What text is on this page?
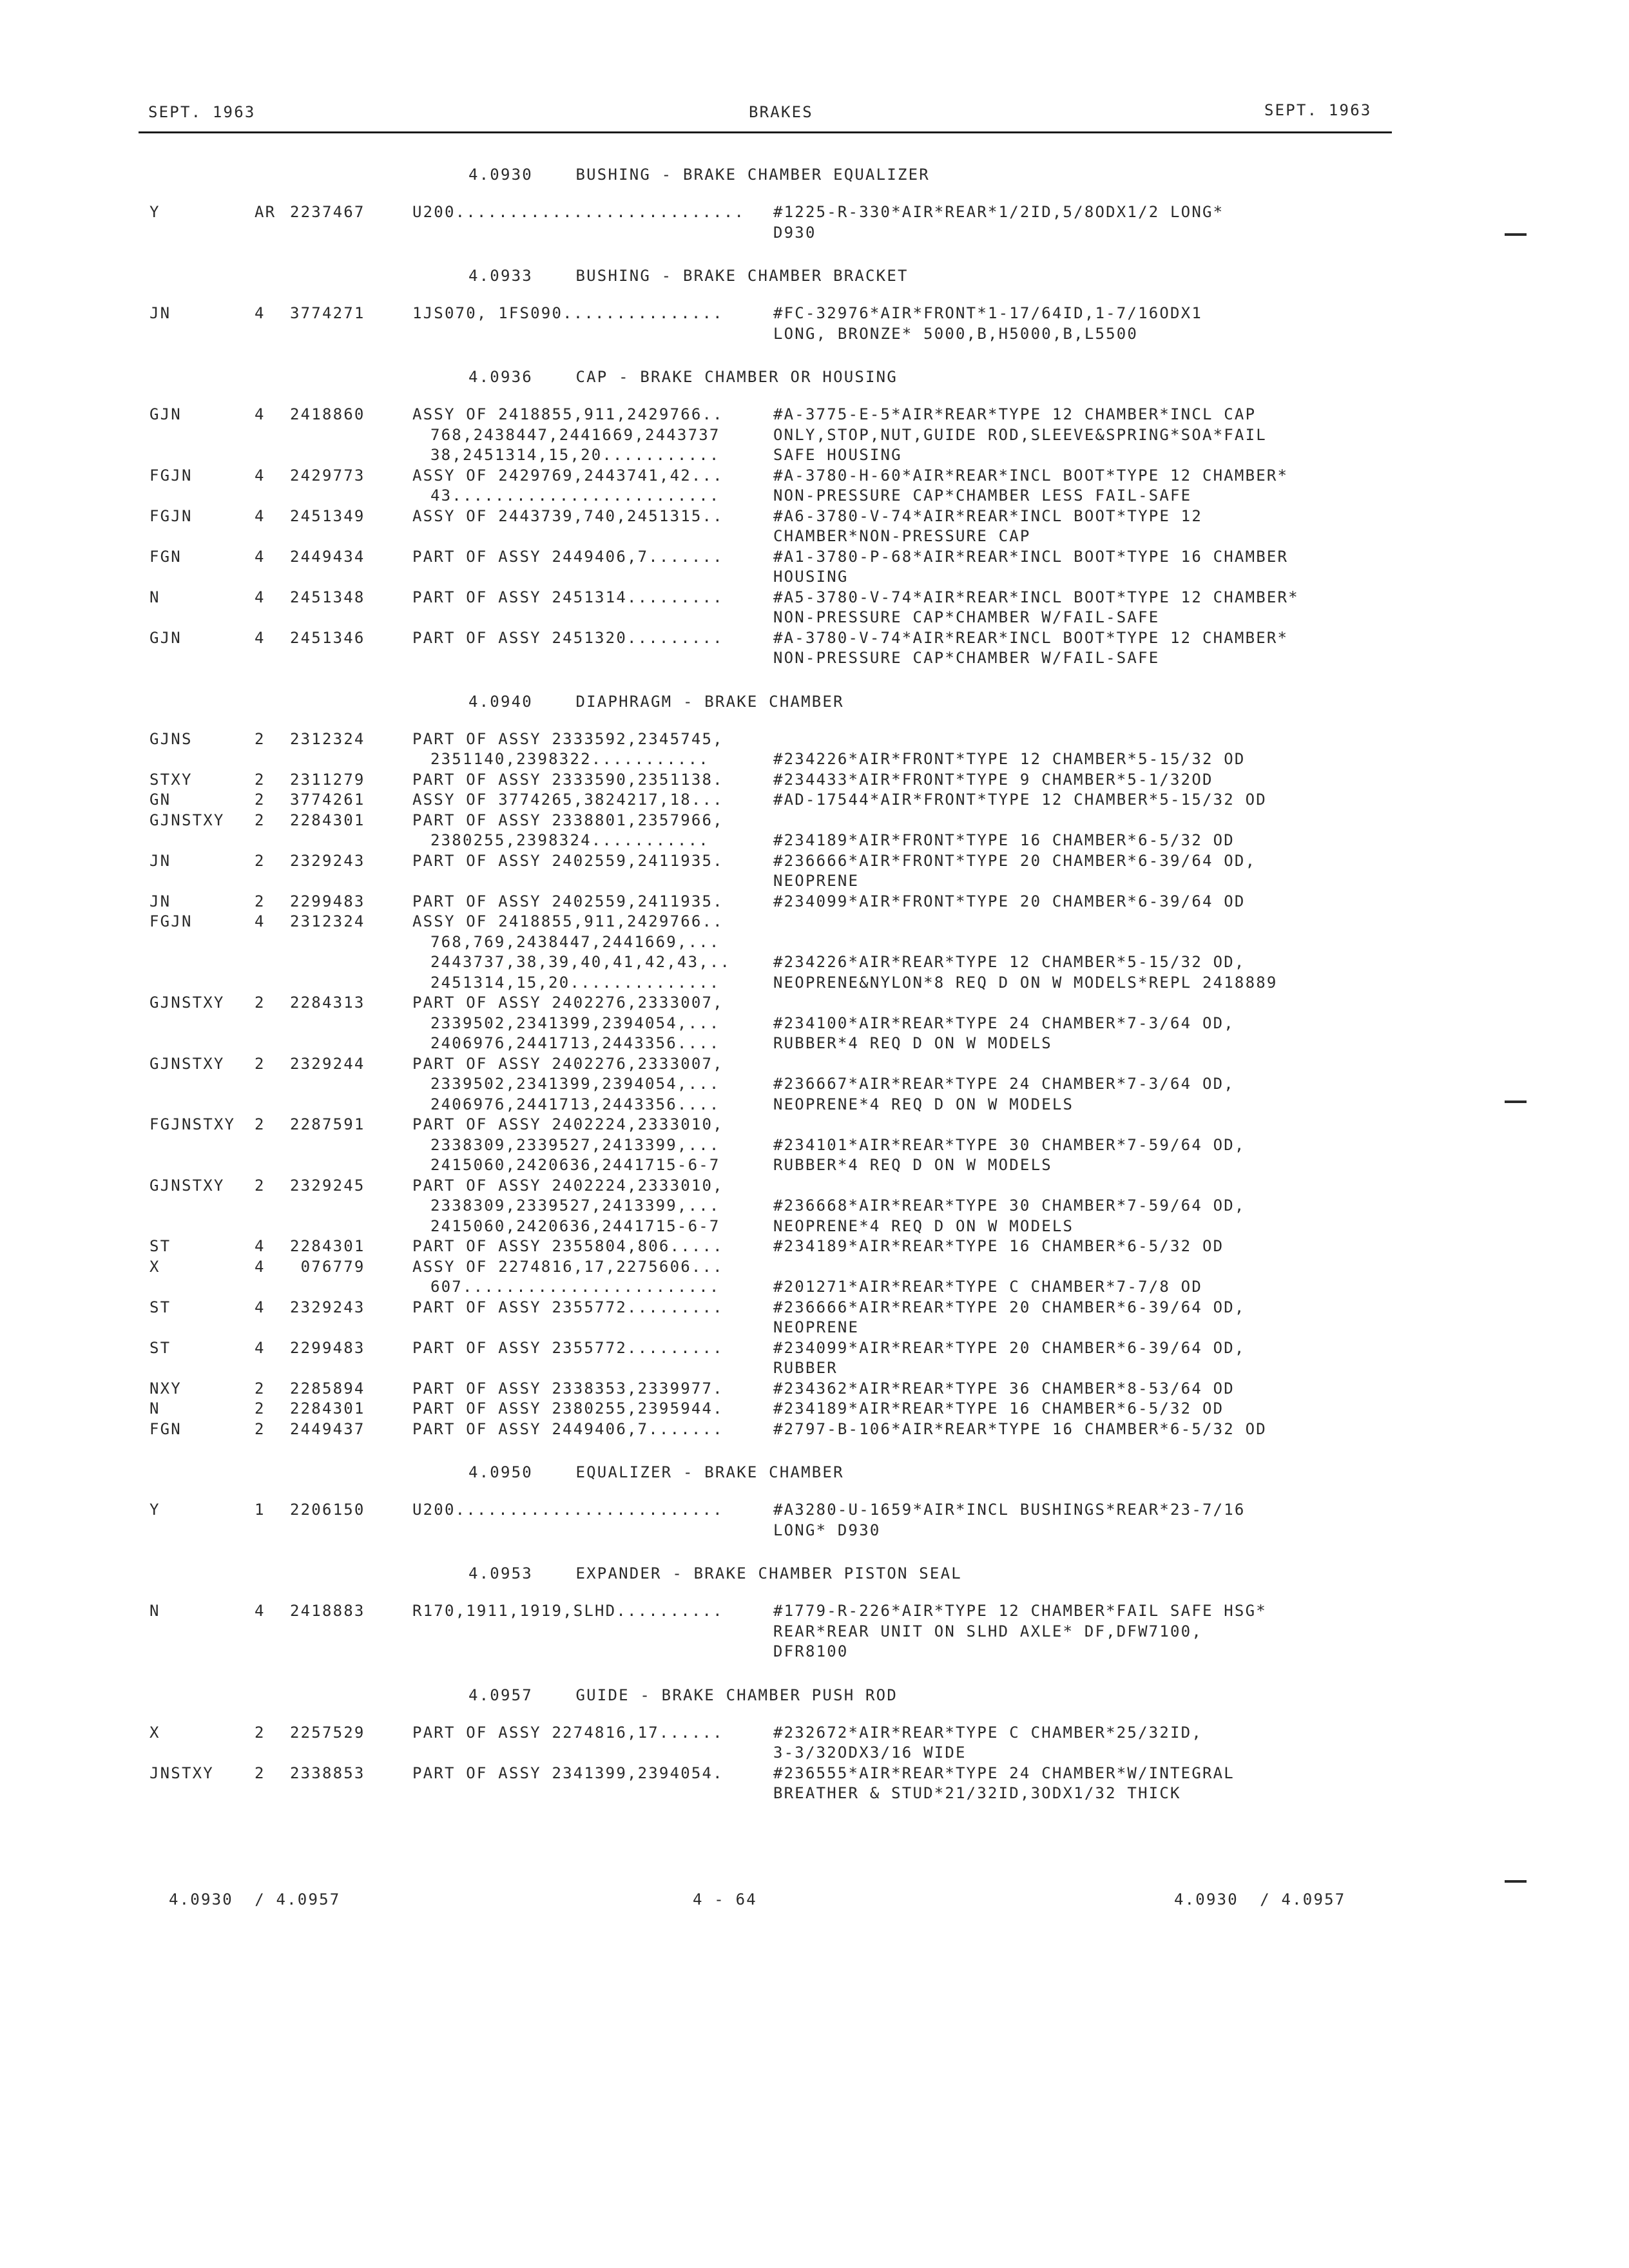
SEPT. 1963	BRAKES	SEPT. 1963
4.0930    BUSHING - BRAKE CHAMBER EQUALIZER
Y	AR 2237467	U200........................... #1225-R-330*AIR*REAR*1/2ID,5/8ODX1/2 LONG*
D930
4.0933    BUSHING - BRAKE CHAMBER BRACKET
JN	4 3774271	1JS070, 1FS090...............	#FC-32976*AIR*FRONT*1-17/64ID,1-7/16ODX1
LONG, BRONZE* 5000,B,H5000,B,L5500
4.0936    CAP - BRAKE CHAMBER OR HOUSING
GJN	4 2418860	ASSY OF 2418855,911,2429766..	#A-3775-E-5*AIR*REAR*TYPE 12 CHAMBER*INCL CAP
768,2438447,2441669,2443737	ONLY,STOP,NUT,GUIDE ROD,SLEEVE&SPRING*SOA*FAIL
38,2451314,15,20...........	SAFE HOUSING
FGJN	4 2429773	ASSY OF 2429769,2443741,42...	#A-3780-H-60*AIR*REAR*INCL BOOT*TYPE 12 CHAMBER*
43.........................	NON-PRESSURE CAP*CHAMBER LESS FAIL-SAFE
FGJN	4 2451349	ASSY OF 2443739,740,2451315..	#A6-3780-V-74*AIR*REAR*INCL BOOT*TYPE 12
CHAMBER*NON-PRESSURE CAP
FGN	4 2449434	PART OF ASSY 2449406,7.......	#A1-3780-P-68*AIR*REAR*INCL BOOT*TYPE 16 CHAMBER
HOUSING
N	4 2451348	PART OF ASSY 2451314.........	#A5-3780-V-74*AIR*REAR*INCL BOOT*TYPE 12 CHAMBER*
NON-PRESSURE CAP*CHAMBER W/FAIL-SAFE
GJN	4 2451346	PART OF ASSY 2451320.........	#A-3780-V-74*AIR*REAR*INCL BOOT*TYPE 12 CHAMBER*
NON-PRESSURE CAP*CHAMBER W/FAIL-SAFE
4.0940    DIAPHRAGM - BRAKE CHAMBER
GJNS	2 2312324	PART OF ASSY 2333592,2345745,
2351140,2398322...........	#234226*AIR*FRONT*TYPE 12 CHAMBER*5-15/32 OD
STXY	2 2311279	PART OF ASSY 2333590,2351138.	#234433*AIR*FRONT*TYPE 9 CHAMBER*5-1/32OD
GN	2 3774261	ASSY OF 3774265,3824217,18...	#AD-17544*AIR*FRONT*TYPE 12 CHAMBER*5-15/32 OD
GJNSTXY 2 2284301	PART OF ASSY 2338801,2357966,
2380255,2398324...........	#234189*AIR*FRONT*TYPE 16 CHAMBER*6-5/32 OD
JN	2 2329243	PART OF ASSY 2402559,2411935.	#236666*AIR*FRONT*TYPE 20 CHAMBER*6-39/64 OD,
NEOPRENE
JN	2 2299483	PART OF ASSY 2402559,2411935.	#234099*AIR*FRONT*TYPE 20 CHAMBER*6-39/64 OD
FGJN	4 2312324	ASSY OF 2418855,911,2429766..
768,769,2438447,2441669,...
2443737,38,39,40,41,42,43,..	#234226*AIR*REAR*TYPE 12 CHAMBER*5-15/32 OD,
2451314,15,20..............	NEOPRENE&NYLON*8 REQ D ON W MODELS*REPL 2418889
GJNSTXY 2 2284313	PART OF ASSY 2402276,2333007,
2339502,2341399,2394054,...	#234100*AIR*REAR*TYPE 24 CHAMBER*7-3/64 OD,
2406976,2441713,2443356....	RUBBER*4 REQ D ON W MODELS
GJNSTXY 2 2329244	PART OF ASSY 2402276,2333007,
2339502,2341399,2394054,...	#236667*AIR*REAR*TYPE 24 CHAMBER*7-3/64 OD,
2406976,2441713,2443356....	NEOPRENE*4 REQ D ON W MODELS
FGJNSTXY 2 2287591	PART OF ASSY 2402224,2333010,
2338309,2339527,2413399,...	#234101*AIR*REAR*TYPE 30 CHAMBER*7-59/64 OD,
2415060,2420636,2441715-6-7	RUBBER*4 REQ D ON W MODELS
GJNSTXY 2 2329245	PART OF ASSY 2402224,2333010,
2338309,2339527,2413399,...	#236668*AIR*REAR*TYPE 30 CHAMBER*7-59/64 OD,
2415060,2420636,2441715-6-7	NEOPRENE*4 REQ D ON W MODELS
ST	4 2284301	PART OF ASSY 2355804,806.....	#234189*AIR*REAR*TYPE 16 CHAMBER*6-5/32 OD
X	4 076779	ASSY OF 2274816,17,2275606...
607........................	#201271*AIR*REAR*TYPE C CHAMBER*7-7/8 OD
ST	4 2329243	PART OF ASSY 2355772.........	#236666*AIR*REAR*TYPE 20 CHAMBER*6-39/64 OD,
NEOPRENE
ST	4 2299483	PART OF ASSY 2355772.........	#234099*AIR*REAR*TYPE 20 CHAMBER*6-39/64 OD,
RUBBER
NXY	2 2285894	PART OF ASSY 2338353,2339977.	#234362*AIR*REAR*TYPE 36 CHAMBER*8-53/64 OD
N	2 2284301	PART OF ASSY 2380255,2395944.	#234189*AIR*REAR*TYPE 16 CHAMBER*6-5/32 OD
FGN	2 2449437	PART OF ASSY 2449406,7.......	#2797-B-106*AIR*REAR*TYPE 16 CHAMBER*6-5/32 OD
4.0950    EQUALIZER - BRAKE CHAMBER
Y	1 2206150	U200.........................	#A3280-U-1659*AIR*INCL BUSHINGS*REAR*23-7/16
LONG* D930
4.0953    EXPANDER - BRAKE CHAMBER PISTON SEAL
N	4 2418883	R170,1911,1919,SLHD..........	#1779-R-226*AIR*TYPE 12 CHAMBER*FAIL SAFE HSG*
REAR*REAR UNIT ON SLHD AXLE* DF,DFW7100,
DFR8100
4.0957    GUIDE - BRAKE CHAMBER PUSH ROD
X	2 2257529	PART OF ASSY 2274816,17......	#232672*AIR*REAR*TYPE C CHAMBER*25/32ID,
3-3/32ODX3/16 WIDE
JNSTXY	2 2338853	PART OF ASSY 2341399,2394054.	#236555*AIR*REAR*TYPE 24 CHAMBER*W/INTEGRAL
BREATHER & STUD*21/32ID,3ODX1/32 THICK
4.0930  / 4.0957	4 - 64	4.0930  / 4.0957
